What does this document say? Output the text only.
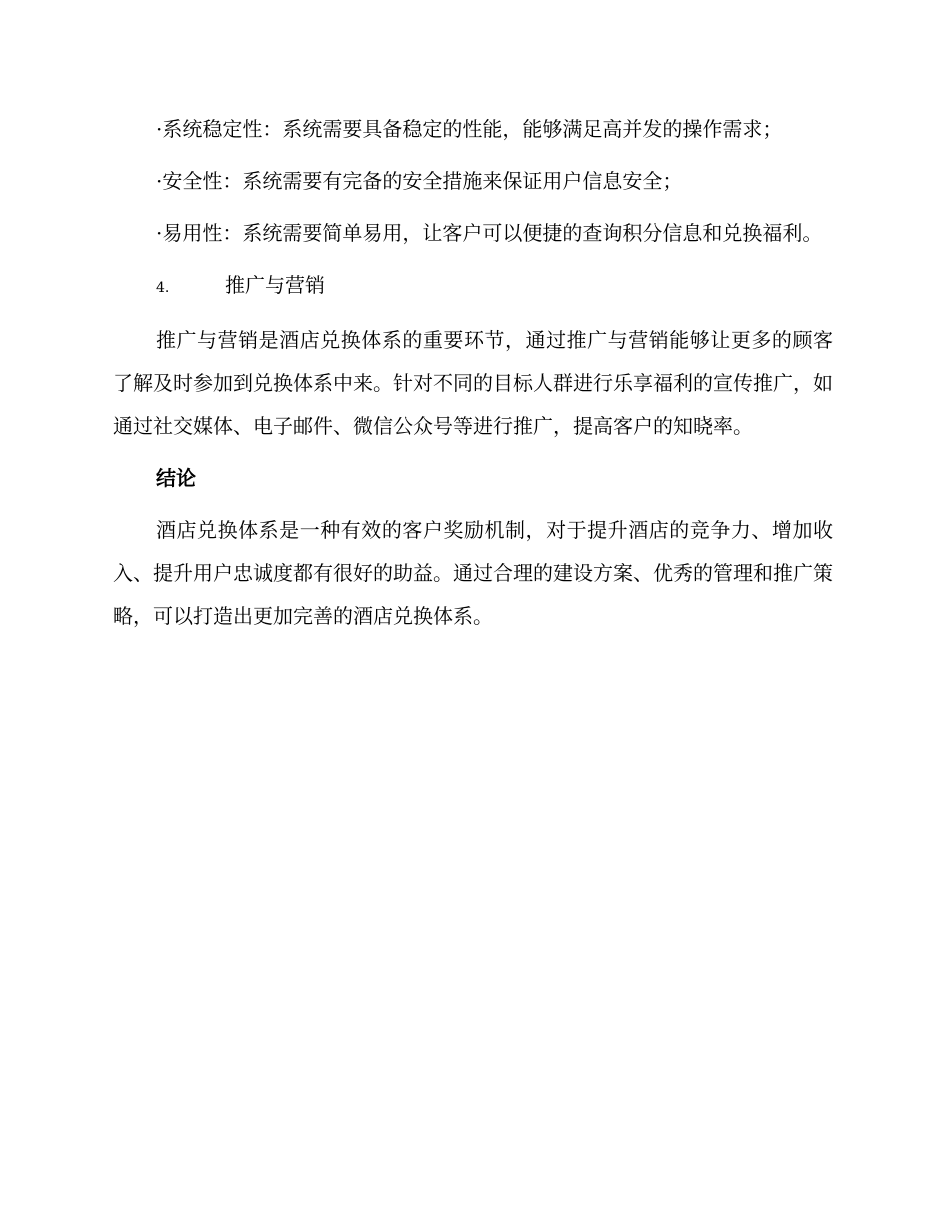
·系统稳定性：系统需要具备稳定的性能，能够满足高并发的操作需求；

·安全性：系统需要有完备的安全措施来保证用户信息安全；

·易用性：系统需要简单易用，让客户可以便捷的查询积分信息和兑换福利。

4.	推广与营销

推广与营销是酒店兑换体系的重要环节，通过推广与营销能够让更多的顾客了解及时参加到兑换体系中来。针对不同的目标人群进行乐享福利的宣传推广，如通过社交媒体、电子邮件、微信公众号等进行推广，提高客户的知晓率。

结论

酒店兑换体系是一种有效的客户奖励机制，对于提升酒店的竞争力、增加收入、提升用户忠诚度都有很好的助益。通过合理的建设方案、优秀的管理和推广策略，可以打造出更加完善的酒店兑换体系。
